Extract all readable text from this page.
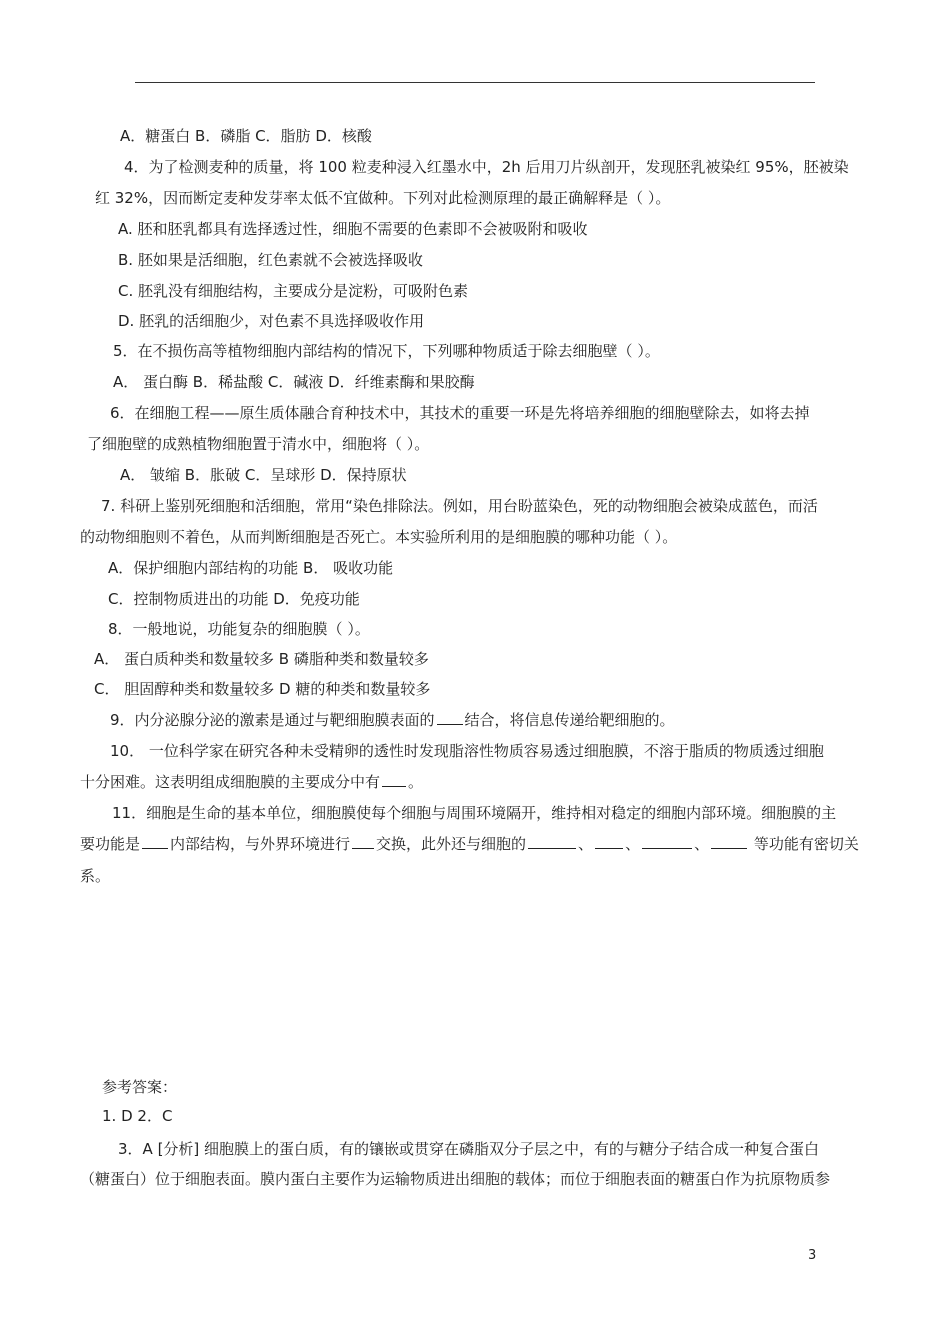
A．糖蛋白 B．磷脂 C．脂肪 D．核酸
4．为了检测麦种的质量，将 100 粒麦种浸入红墨水中，2h 后用刀片纵剖开，发现胚乳被染红 95%，胚被染
红 32%，因而断定麦种发芽率太低不宜做种。下列对此检测原理的最正确解释是（ ）。
A. 胚和胚乳都具有选择透过性，细胞不需要的色素即不会被吸附和吸收
B. 胚如果是活细胞，红色素就不会被选择吸收
C. 胚乳没有细胞结构，主要成分是淀粉，可吸附色素
D. 胚乳的活细胞少，对色素不具选择吸收作用
5．在不损伤高等植物细胞内部结构的情况下，下列哪种物质适于除去细胞壁（ ）。
A． 蛋白酶 B．稀盐酸 C．碱液 D．纤维素酶和果胶酶
6．在细胞工程——原生质体融合育种技术中，其技术的重要一环是先将培养细胞的细胞壁除去，如将去掉
了细胞壁的成熟植物细胞置于清水中，细胞将（ ）。
A． 皱缩 B．胀破 C．呈球形 D．保持原状
7. 科研上鉴别死细胞和活细胞，常用“染色排除法。例如，用台盼蓝染色，死的动物细胞会被染成蓝色，而活
的动物细胞则不着色，从而判断细胞是否死亡。本实验所利用的是细胞膜的哪种功能（ ）。
A．保护细胞内部结构的功能 B． 吸收功能
C．控制物质进出的功能 D．免疫功能
8．一般地说，功能复杂的细胞膜（ ）。
A． 蛋白质种类和数量较多 B 磷脂种类和数量较多
C． 胆固醇种类和数量较多 D 糖的种类和数量较多
9．内分泌腺分泌的激素是通过与靶细胞膜表面的 结合，将信息传递给靶细胞的。
10． 一位科学家在研究各种未受精卵的透性时发现脂溶性物质容易透过细胞膜，不溶于脂质的物质透过细胞
十分困难。这表明组成细胞膜的主要成分中有 。
11．细胞是生命的基本单位，细胞膜使每个细胞与周围环境隔开，维持相对稳定的细胞内部环境。细胞膜的主
要功能是 内部结构，与外界环境进行 交换，此外还与细胞的	、 、	、	等功能有密切关
系。
参考答案：
1. D 2．C
3．A [分析] 细胞膜上的蛋白质，有的镶嵌或贯穿在磷脂双分子层之中，有的与糖分子结合成一种复合蛋白
（糖蛋白）位于细胞表面。膜内蛋白主要作为运输物质进出细胞的载体；而位于细胞表面的糖蛋白作为抗原物质参
3
